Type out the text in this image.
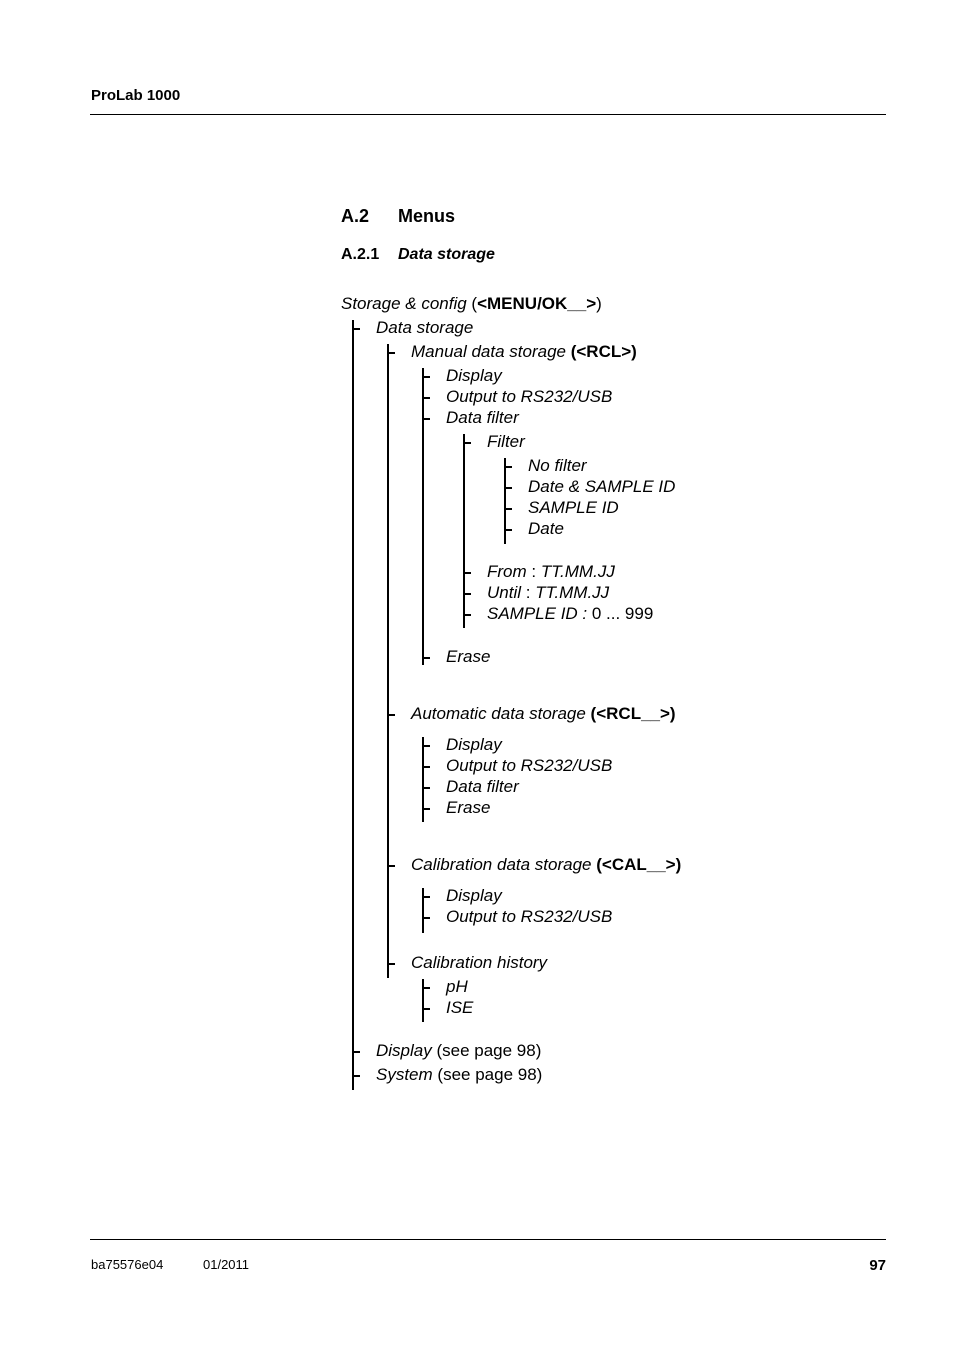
ProLab 1000
A.2 Menus
A.2.1 Data storage
Storage & config (<MENU/OK__>)
Data storage
Manual data storage (<RCL>)
Display
Output to RS232/USB
Data filter
Filter
No filter
Date & SAMPLE ID
SAMPLE ID
Date
From : TT.MM.JJ
Until : TT.MM.JJ
SAMPLE ID : 0 ... 999
Erase
Automatic data storage (<RCL__>)
Display
Output to RS232/USB
Data filter
Erase
Calibration data storage (<CAL__>)
Display
Output to RS232/USB
Calibration history
pH
ISE
Display (see page 98)
System (see page 98)
ba75576e04	01/2011	97
